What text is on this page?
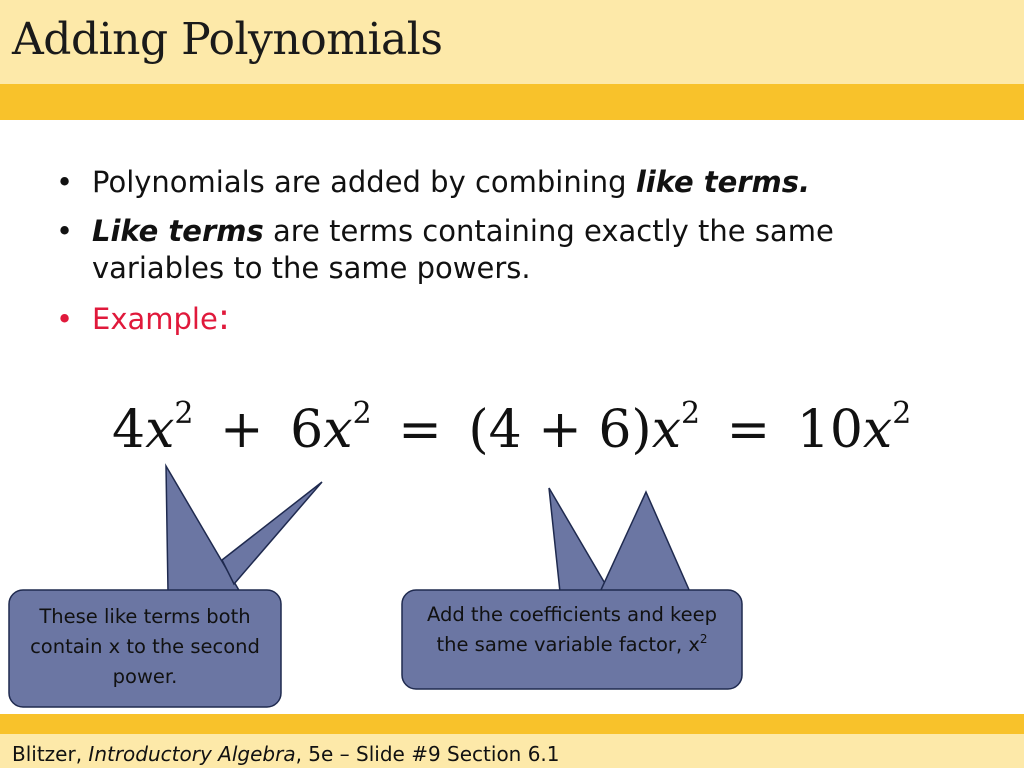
Adding Polynomials
• Polynomials are added by combining like terms.
• Like terms are terms containing exactly the same variables to the same powers.
• Example:
$4x^2 + 6x^2 = (4 + 6)x^2 = 10x^2$
These like terms both contain x to the second power.
Add the coefficients and keep the same variable factor, $x^2$
Blitzer, Introductory Algebra, 5e – Slide #9 Section 6.1
